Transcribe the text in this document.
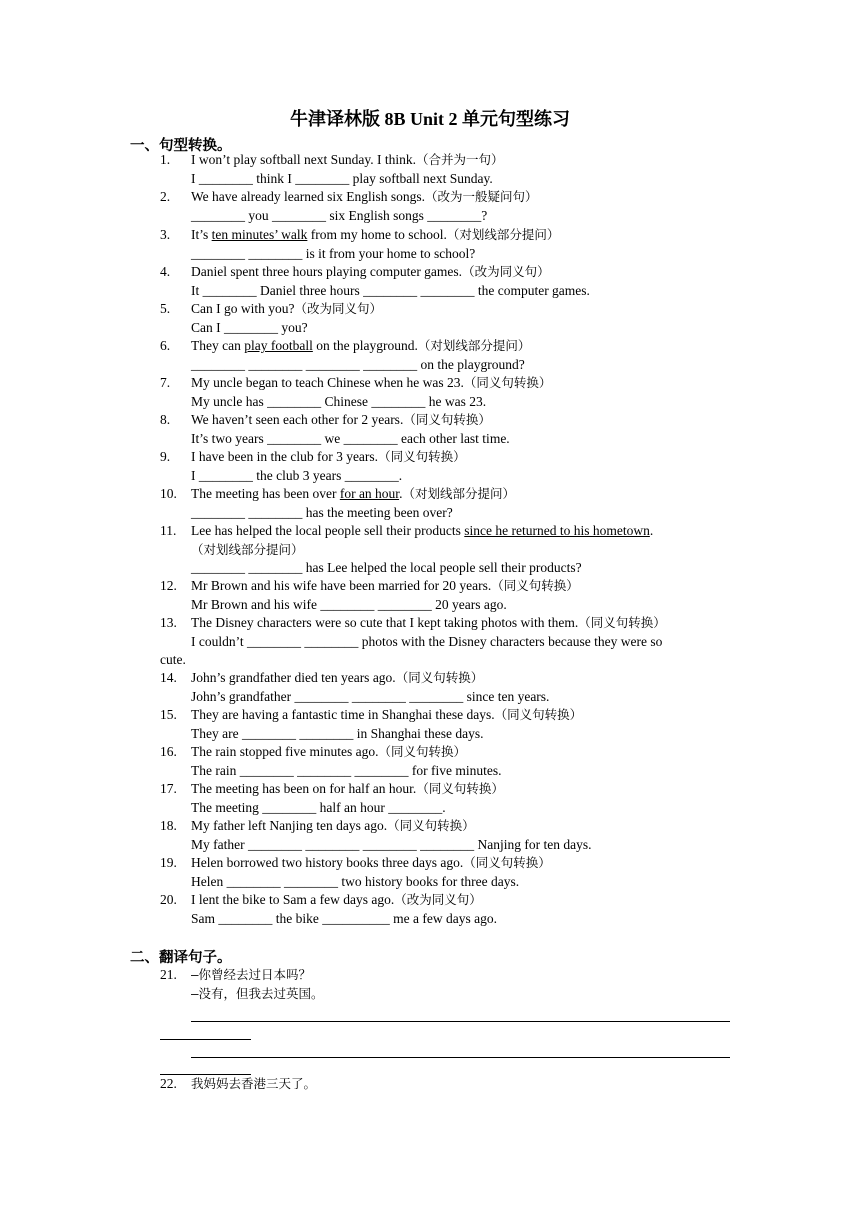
牛津译林版 8B Unit 2 单元句型练习
一、句型转换。
1.	I won’t play softball next Sunday. I think.（合并为一句）
I ________ think I ________ play softball next Sunday.
2.	We have already learned six English songs.（改为一般疑问句）
________ you ________ six English songs ________?
3.	It’s ten minutes’ walk from my home to school.（对划线部分提问）
________ ________ is it from your home to school?
4.	Daniel spent three hours playing computer games.（改为同义句）
It ________ Daniel three hours ________ ________ the computer games.
5.	Can I go with you?（改为同义句）
Can I ________ you?
6.	They can play football on the playground.（对划线部分提问）
________ ________ ________ ________ on the playground?
7.	My uncle began to teach Chinese when he was 23.（同义句转换）
My uncle has ________ Chinese ________ he was 23.
8.	We haven’t seen each other for 2 years.（同义句转换）
It’s two years ________ we ________ each other last time.
9.	I have been in the club for 3 years.（同义句转换）
I ________ the club 3 years ________.
10.	The meeting has been over for an hour.（对划线部分提问）
________ ________ has the meeting been over?
11.	Lee has helped the local people sell their products since he returned to his hometown.
（对划线部分提问）
________ ________ has Lee helped the local people sell their products?
12.	Mr Brown and his wife have been married for 20 years.（同义句转换）
Mr Brown and his wife ________ ________ 20 years ago.
13.	The Disney characters were so cute that I kept taking photos with them.（同义句转换）
I couldn’t ________ ________ photos with the Disney characters because they were so
cute.
14.	John’s grandfather died ten years ago.（同义句转换）
John’s grandfather ________ ________ ________ since ten years.
15.	They are having a fantastic time in Shanghai these days.（同义句转换）
They are ________ ________ in Shanghai these days.
16.	The rain stopped five minutes ago.（同义句转换）
The rain ________ ________ ________ for five minutes.
17.	The meeting has been on for half an hour.（同义句转换）
The meeting ________ half an hour ________.
18.	My father left Nanjing ten days ago.（同义句转换）
My father ________ ________ ________ ________ Nanjing for ten days.
19.	Helen borrowed two history books three days ago.（同义句转换）
Helen ________ ________ two history books for three days.
20.	I lent the bike to Sam a few days ago.（改为同义句）
Sam ________ the bike __________ me a few days ago.
二、翻译句子。
21.	—你曾经去过日本吗？
—没有，但我去过英国。
22.	我妈妈去香港三天了。
